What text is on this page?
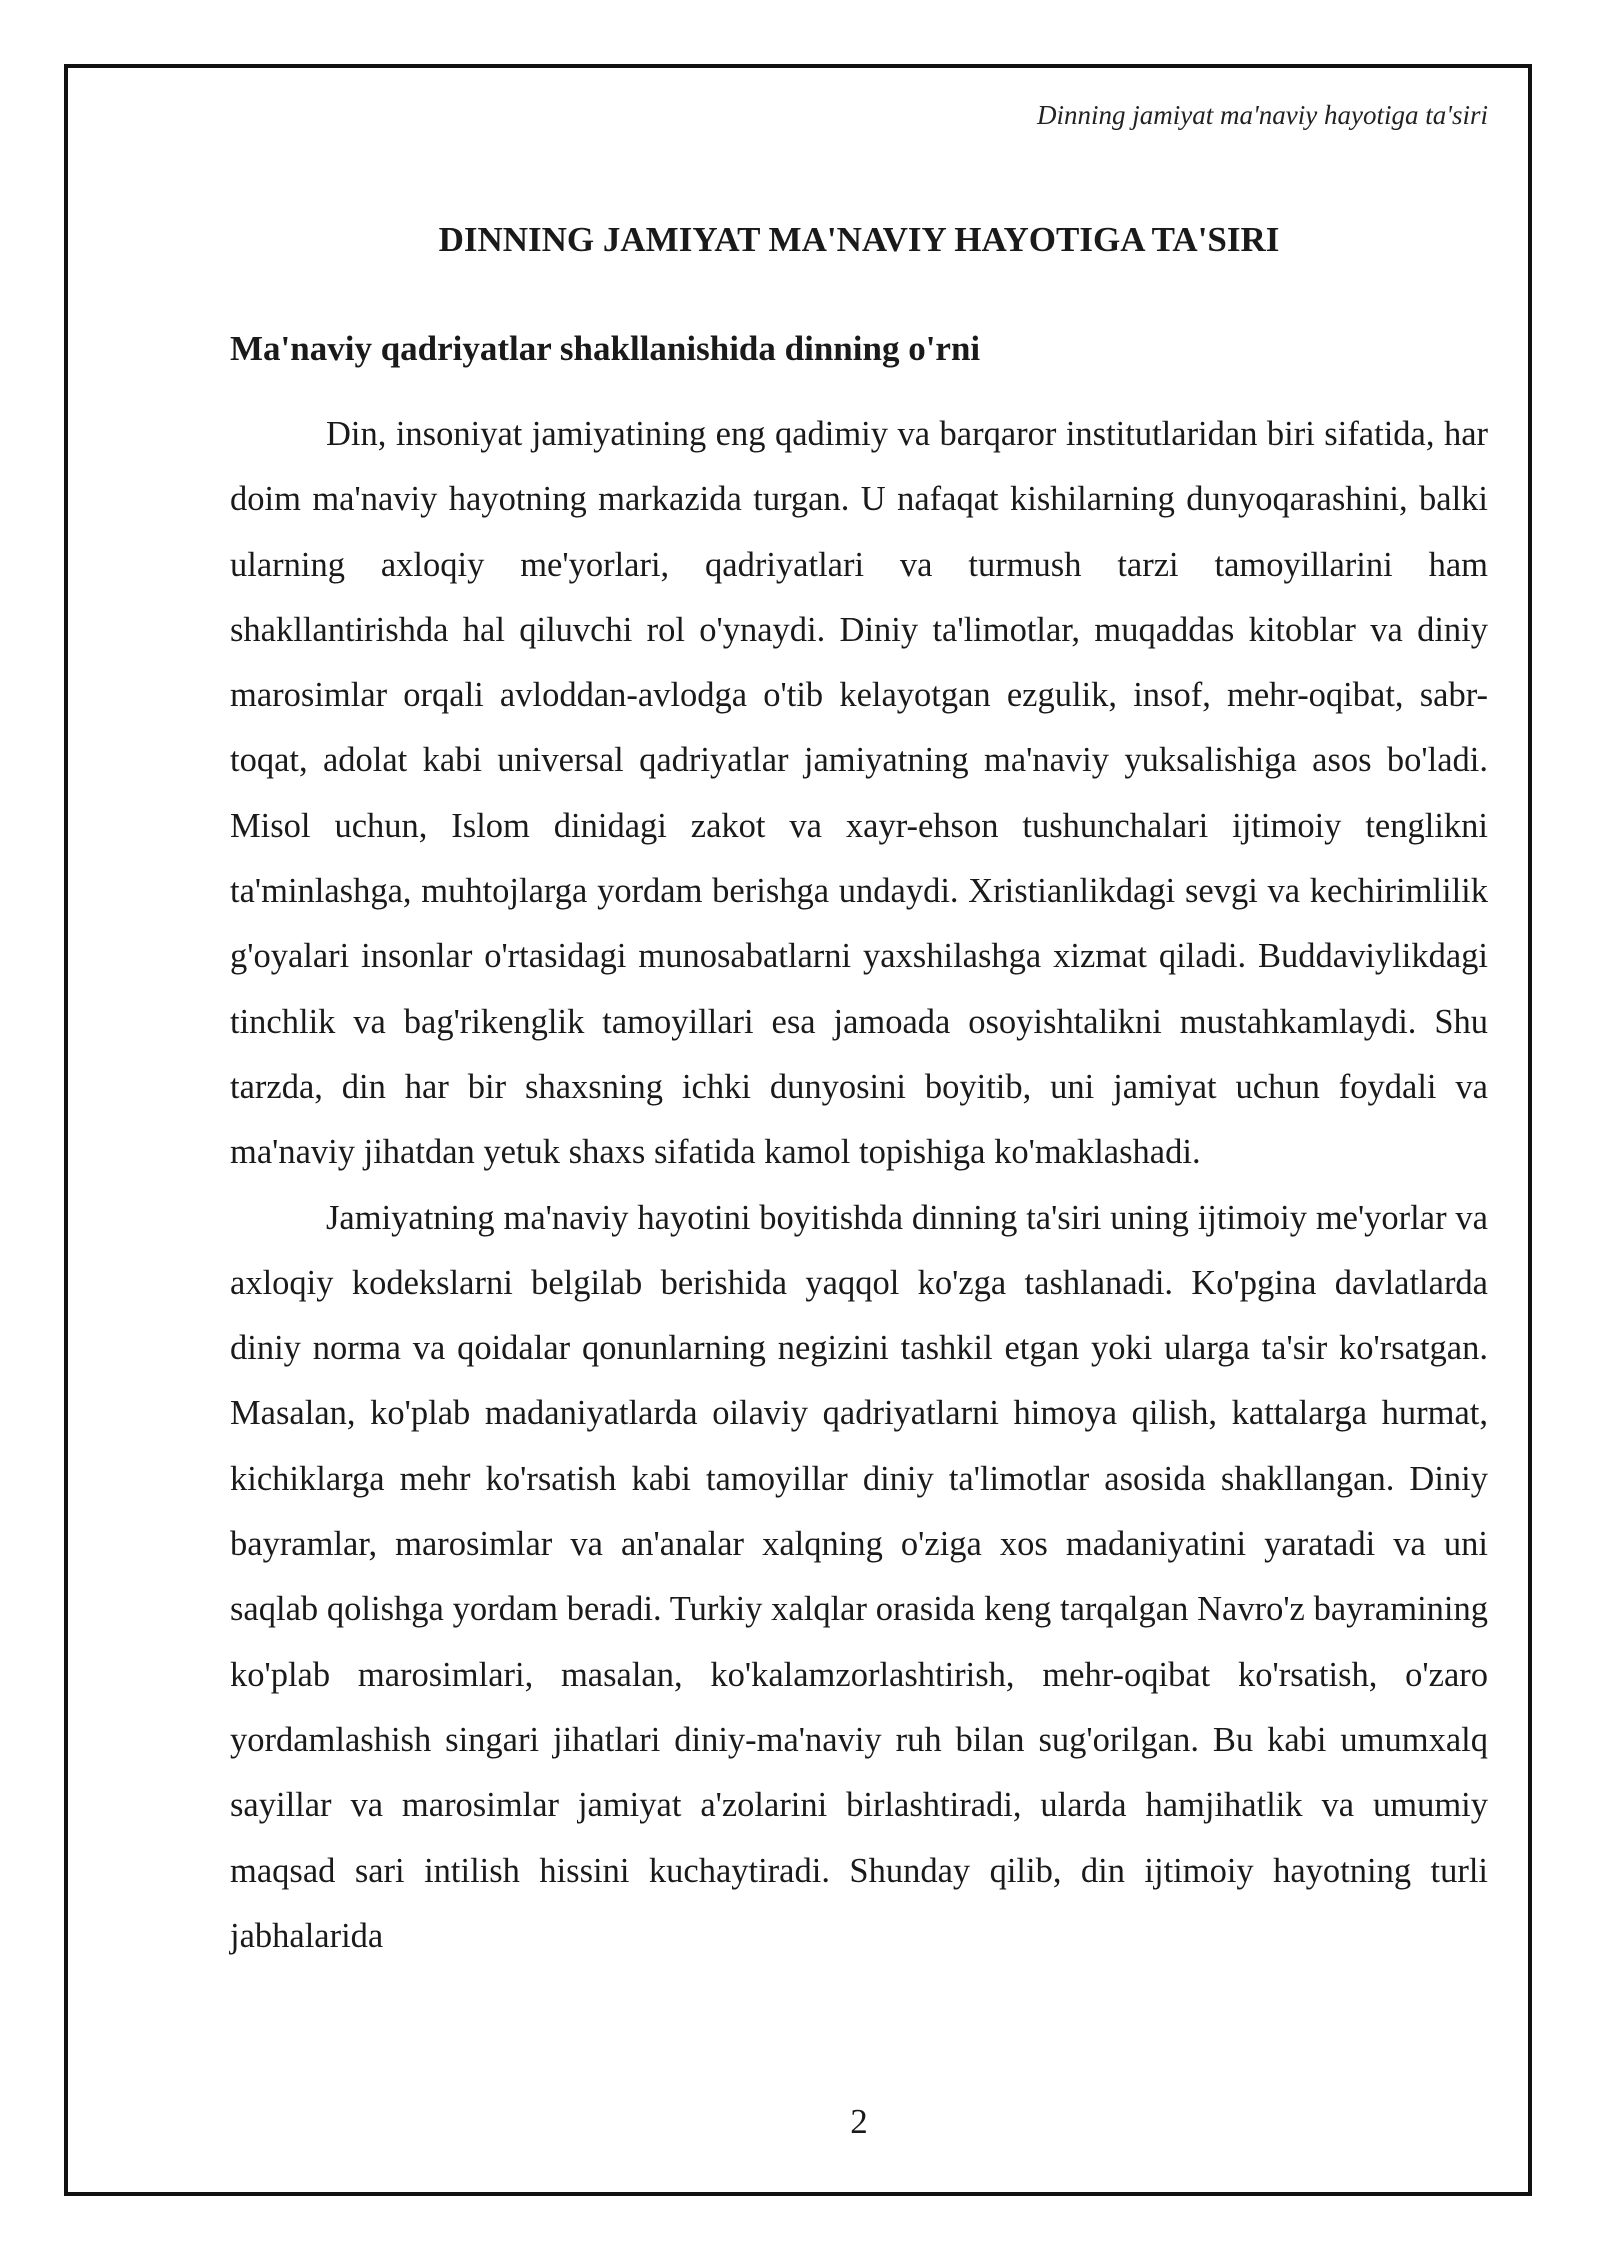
Dinning jamiyat ma'naviy hayotiga ta'siri
DINNING JAMIYAT MA'NAVIY HAYOTIGA TA'SIRI
Ma'naviy qadriyatlar shakllanishida dinning o'rni

Din, insoniyat jamiyatining eng qadimiy va barqaror institutlaridan biri sifatida, har doim ma'naviy hayotning markazida turgan. U nafaqat kishilarning dunyoqarashini, balki ularning axloqiy me'yorlari, qadriyatlari va turmush tarzi tamoyillarini ham shakllantirishda hal qiluvchi rol o'ynaydi. Diniy ta'limotlar, muqaddas kitoblar va diniy marosimlar orqali avloddan-avlodga o'tib kelayotgan ezgulik, insof, mehr-oqibat, sabr-toqat, adolat kabi universal qadriyatlar jamiyatning ma'naviy yuksalishiga asos bo'ladi. Misol uchun, Islom dinidagi zakot va xayr-ehson tushunchalari ijtimoiy tenglikni ta'minlashga, muhtojlarga yordam berishga undaydi. Xristianlikdagi sevgi va kechirimlilik g'oyalari insonlar o'rtasidagi munosabatlarni yaxshilashga xizmat qiladi. Buddaviylikdagi tinchlik va bag'rikenglik tamoyillari esa jamoada osoyishtalikni mustahkamlaydi. Shu tarzda, din har bir shaxsning ichki dunyosini boyitib, uni jamiyat uchun foydali va ma'naviy jihatdan yetuk shaxs sifatida kamol topishiga ko'maklashadi.

Jamiyatning ma'naviy hayotini boyitishda dinning ta'siri uning ijtimoiy me'yorlar va axloqiy kodekslarni belgilab berishida yaqqol ko'zga tashlanadi. Ko'pgina davlatlarda diniy norma va qoidalar qonunlarning negizini tashkil etgan yoki ularga ta'sir ko'rsatgan. Masalan, ko'plab madaniyatlarda oilaviy qadriyatlarni himoya qilish, kattalarga hurmat, kichiklarga mehr ko'rsatish kabi tamoyillar diniy ta'limotlar asosida shakllangan. Diniy bayramlar, marosimlar va an'analar xalqning o'ziga xos madaniyatini yaratadi va uni saqlab qolishga yordam beradi. Turkiy xalqlar orasida keng tarqalgan Navro'z bayramining ko'plab marosimlari, masalan, ko'kalamzorlashtirish, mehr-oqibat ko'rsatish, o'zaro yordamlashish singari jihatlari diniy-ma'naviy ruh bilan sug'orilgan. Bu kabi umumxalq sayillar va marosimlar jamiyat a'zolarini birlashtiradi, ularda hamjihatlik va umumiy maqsad sari intilish hissini kuchaytiradi. Shunday qilib, din ijtimoiy hayotning turli jabhalarida

2
